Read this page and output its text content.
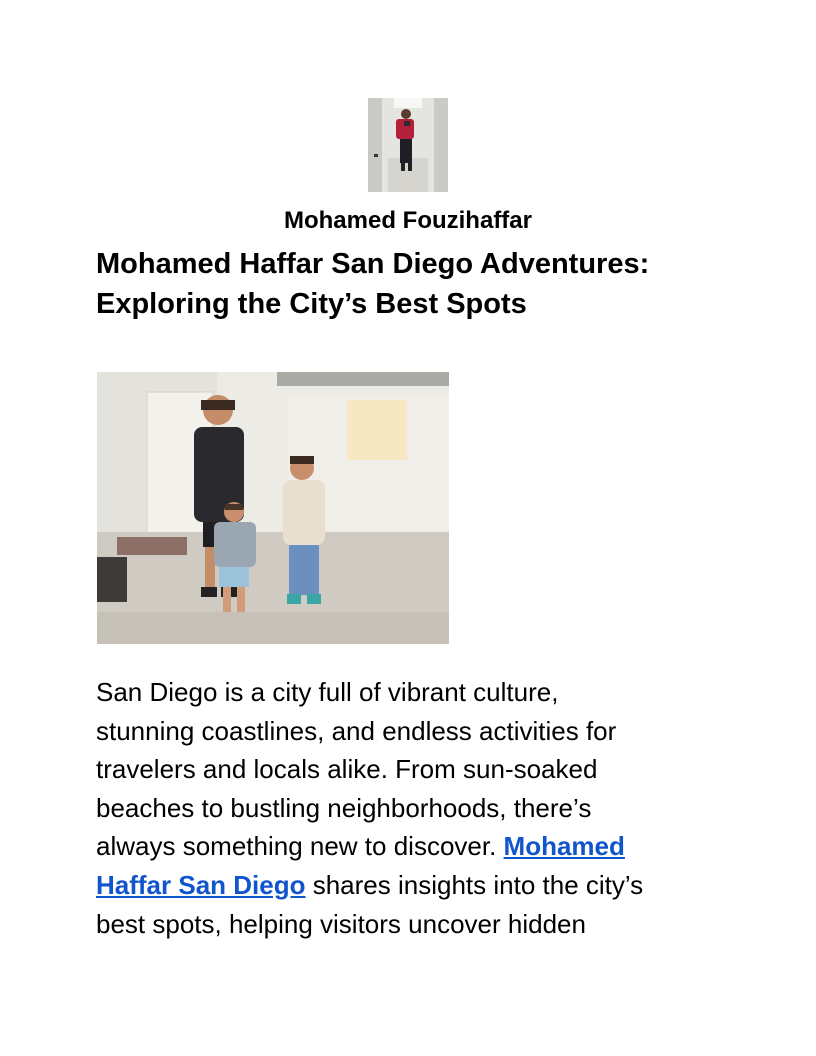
Mohamed Fouzihaffar
Mohamed Haffar San Diego Adventures:
Exploring the City’s Best Spots
San Diego is a city full of vibrant culture,
stunning coastlines, and endless activities for
travelers and locals alike. From sun-soaked
beaches to bustling neighborhoods, there’s
always something new to discover. Mohamed
Haffar San Diego shares insights into the city’s
best spots, helping visitors uncover hidden
